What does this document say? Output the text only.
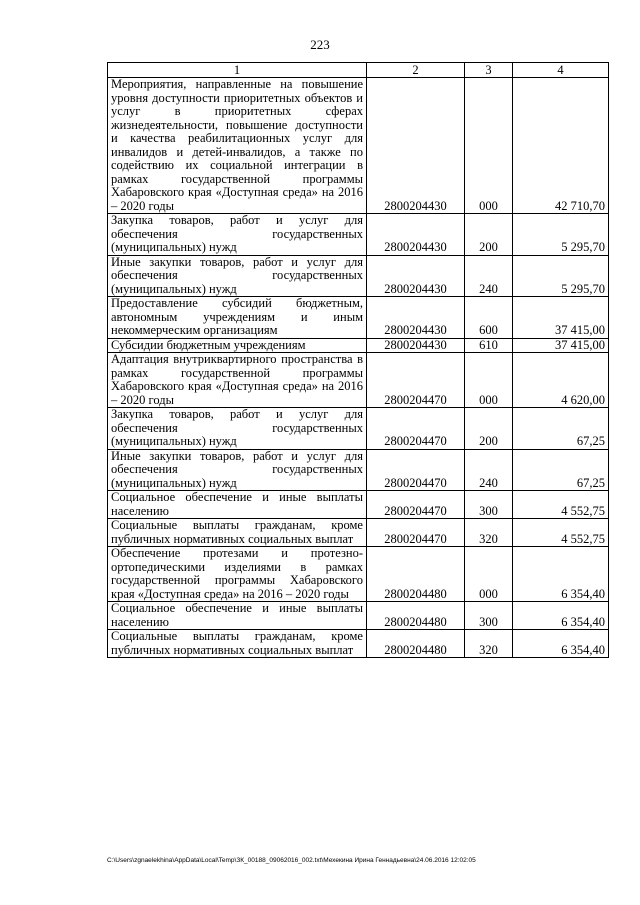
223
1	2	3	4
Мероприятия, направленные на повышение уровня доступности приоритетных объектов и услуг в приоритетных сферах жизнедеятельности, повышение доступности и качества реабилитационных услуг для инвалидов и детей-инвалидов, а также по содействию их социальной интеграции в рамках государственной программы Хабаровского края «Доступная среда» на 2016 – 2020 годы	2800204430	000	42 710,70
Закупка товаров, работ и услуг для обеспечения государственных (муниципальных) нужд	2800204430	200	5 295,70
Иные закупки товаров, работ и услуг для обеспечения государственных (муниципальных) нужд	2800204430	240	5 295,70
Предоставление субсидий бюджетным, автономным учреждениям и иным некоммерческим организациям	2800204430	600	37 415,00
Субсидии бюджетным учреждениям	2800204430	610	37 415,00
Адаптация внутриквартирного пространства в рамках государственной программы Хабаровского края «Доступная среда» на 2016 – 2020 годы	2800204470	000	4 620,00
Закупка товаров, работ и услуг для обеспечения государственных (муниципальных) нужд	2800204470	200	67,25
Иные закупки товаров, работ и услуг для обеспечения государственных (муниципальных) нужд	2800204470	240	67,25
Социальное обеспечение и иные выплаты населению	2800204470	300	4 552,75
Социальные выплаты гражданам, кроме публичных нормативных социальных выплат	2800204470	320	4 552,75
Обеспечение протезами и протезно-ортопедическими изделиями в рамках государственной программы Хабаровского края «Доступная среда» на 2016 – 2020 годы	2800204480	000	6 354,40
Социальное обеспечение и иные выплаты населению	2800204480	300	6 354,40
Социальные выплаты гражданам, кроме публичных нормативных социальных выплат	2800204480	320	6 354,40
C:\Users\zgnaelekhina\AppData\Local\Temp\ЗК_00188_09062016_002.txt\Мехекина Ирина Геннадьевна\24.06.2016 12:02:05
